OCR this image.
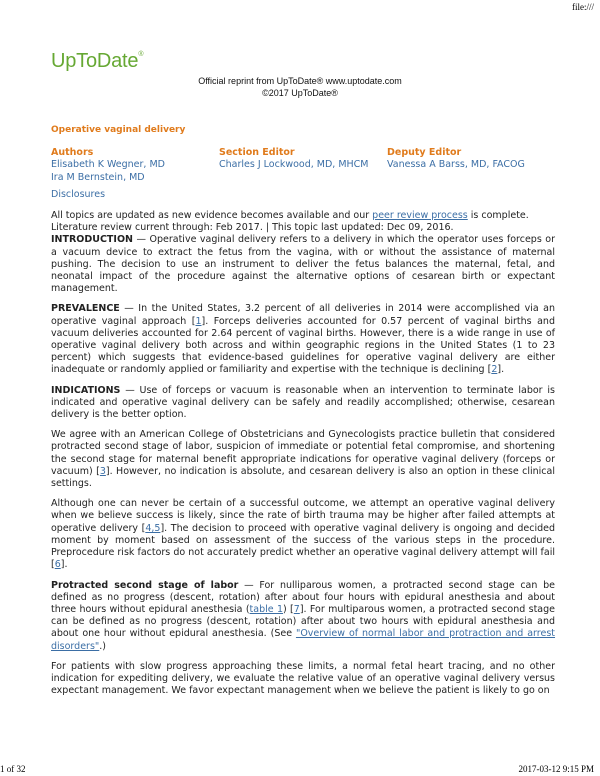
file:///
UpToDate®
Official reprint from UpToDate® www.uptodate.com
©2017 UpToDate®
Operative vaginal delivery
Authors
Elisabeth K Wegner, MD
Ira M Bernstein, MD
Section Editor
Charles J Lockwood, MD, MHCM
Deputy Editor
Vanessa A Barss, MD, FACOG
Disclosures

All topics are updated as new evidence becomes available and our peer review process is complete.

Literature review current through: Feb 2017. | This topic last updated: Dec 09, 2016.

INTRODUCTION — Operative vaginal delivery refers to a delivery in which the operator uses forceps or a vacuum device to extract the fetus from the vagina, with or without the assistance of maternal pushing. The decision to use an instrument to deliver the fetus balances the maternal, fetal, and neonatal impact of the procedure against the alternative options of cesarean birth or expectant management.

PREVALENCE — In the United States, 3.2 percent of all deliveries in 2014 were accomplished via an operative vaginal approach [1]. Forceps deliveries accounted for 0.57 percent of vaginal births and vacuum deliveries accounted for 2.64 percent of vaginal births. However, there is a wide range in use of operative vaginal delivery both across and within geographic regions in the United States (1 to 23 percent) which suggests that evidence-based guidelines for operative vaginal delivery are either inadequate or randomly applied or familiarity and expertise with the technique is declining [2].

INDICATIONS — Use of forceps or vacuum is reasonable when an intervention to terminate labor is indicated and operative vaginal delivery can be safely and readily accomplished; otherwise, cesarean delivery is the better option.

We agree with an American College of Obstetricians and Gynecologists practice bulletin that considered protracted second stage of labor, suspicion of immediate or potential fetal compromise, and shortening the second stage for maternal benefit appropriate indications for operative vaginal delivery (forceps or vacuum) [3]. However, no indication is absolute, and cesarean delivery is also an option in these clinical settings.

Although one can never be certain of a successful outcome, we attempt an operative vaginal delivery when we believe success is likely, since the rate of birth trauma may be higher after failed attempts at operative delivery [4,5]. The decision to proceed with operative vaginal delivery is ongoing and decided moment by moment based on assessment of the success of the various steps in the procedure. Preprocedure risk factors do not accurately predict whether an operative vaginal delivery attempt will fail [6].

Protracted second stage of labor — For nulliparous women, a protracted second stage can be defined as no progress (descent, rotation) after about four hours with epidural anesthesia and about three hours without epidural anesthesia (table 1) [7]. For multiparous women, a protracted second stage can be defined as no progress (descent, rotation) after about two hours with epidural anesthesia and about one hour without epidural anesthesia. (See "Overview of normal labor and protraction and arrest disorders".)

For patients with slow progress approaching these limits, a normal fetal heart tracing, and no other indication for expediting delivery, we evaluate the relative value of an operative vaginal delivery versus expectant management. We favor expectant management when we believe the patient is likely to go on

1 of 32	2017-03-12 9:15 PM
